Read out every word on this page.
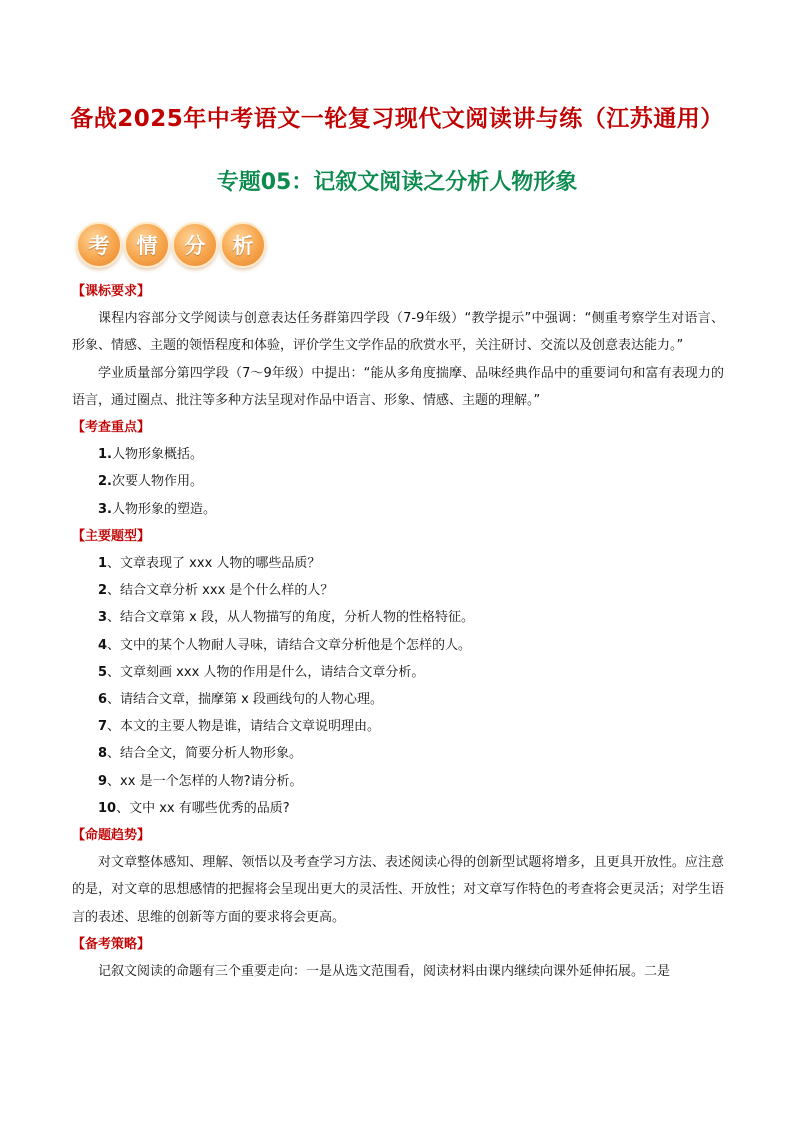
备战2025年中考语文一轮复习现代文阅读讲与练（江苏通用）
专题05：记叙文阅读之分析人物形象
考	情	分	析
【课标要求】

课程内容部分文学阅读与创意表达任务群第四学段（7-9年级）“教学提示”中强调：“侧重考察学生对语言、形象、情感、主题的领悟程度和体验，评价学生文学作品的欣赏水平，关注研讨、交流以及创意表达能力。”

学业质量部分第四学段（7～9年级）中提出：“能从多角度揣摩、品味经典作品中的重要词句和富有表现力的语言，通过圈点、批注等多种方法呈现对作品中语言、形象、情感、主题的理解。”

【考查重点】

1.人物形象概括。

2.次要人物作用。

3.人物形象的塑造。

【主要题型】

1、文章表现了 xxx 人物的哪些品质？

2、结合文章分析 xxx 是个什么样的人？

3、结合文章第 x 段，从人物描写的角度，分析人物的性格特征。

4、文中的某个人物耐人寻味，请结合文章分析他是个怎样的人。

5、文章刻画 xxx 人物的作用是什么，请结合文章分析。

6、请结合文章，揣摩第 x 段画线句的人物心理。

7、本文的主要人物是谁，请结合文章说明理由。

8、结合全文，简要分析人物形象。

9、xx 是一个怎样的人物?请分析。

10、文中 xx 有哪些优秀的品质?

【命题趋势】

对文章整体感知、理解、领悟以及考查学习方法、表述阅读心得的创新型试题将增多，且更具开放性。应注意的是，对文章的思想感情的把握将会呈现出更大的灵活性、开放性；对文章写作特色的考查将会更灵活；对学生语言的表述、思维的创新等方面的要求将会更高。

【备考策略】

记叙文阅读的命题有三个重要走向：一是从选文范围看，阅读材料由课内继续向课外延伸拓展。二是
